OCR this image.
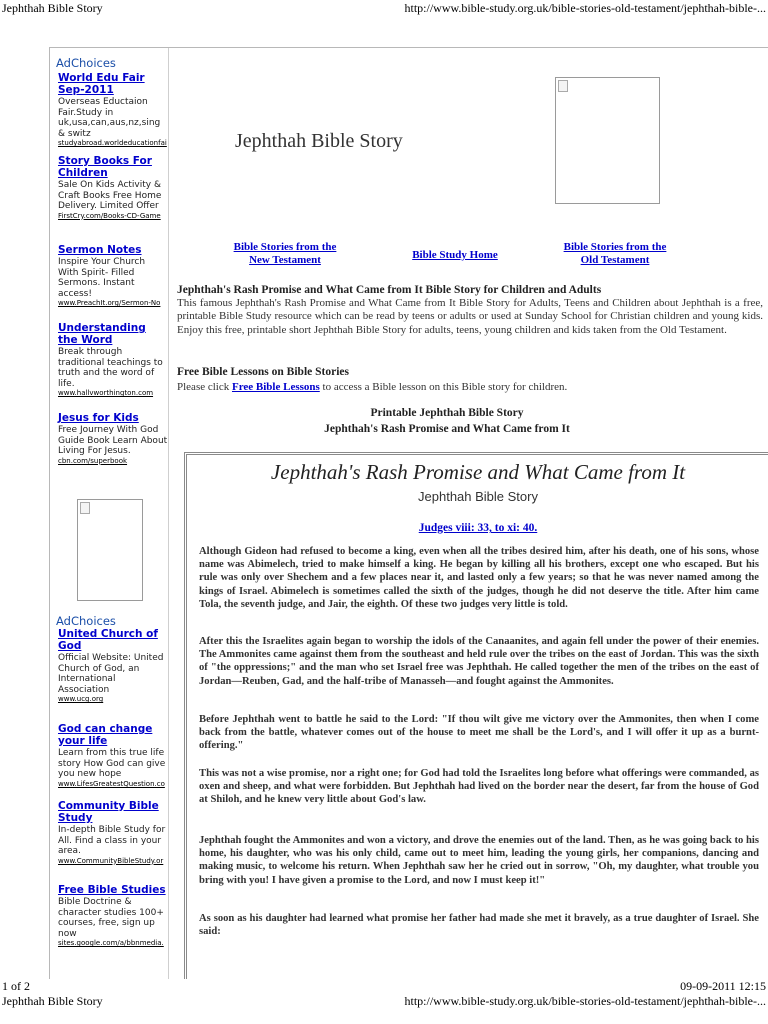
Jephthah Bible Story	http://www.bible-study.org.uk/bible-stories-old-testament/jephthah-bible-...
AdChoices
World Edu Fair Sep-2011
Overseas Eductaion Fair.Study in uk,usa,can,aus,nz,sing & switz
studyabroad.worldeducationfai
Story Books For Children
Sale On Kids Activity & Craft Books Free Home Delivery. Limited Offer
FirstCry.com/Books-CD-Game
Sermon Notes
Inspire Your Church With Spirit- Filled Sermons. Instant access!
www.PreachIt.org/Sermon-No
Understanding the Word
Break through traditional teachings to truth and the word of life.
www.hallvworthington.com
Jesus for Kids
Free Journey With God Guide Book Learn About Living For Jesus.
cbn.com/superbook
AdChoices
United Church of God
Official Website: United Church of God, an International Association
www.ucg.org
God can change your life
Learn from this true life story How God can give you new hope
www.LifesGreatestQuestion.co
Community Bible Study
In-depth Bible Study for All. Find a class in your area.
www.CommunityBibleStudy.or
Free Bible Studies
Bible Doctrine & character studies 100+ courses, free, sign up now
sites.google.com/a/bbnmedia.
Jephthah Bible Story
Bible Stories from the New Testament	Bible Study Home
Bible Stories from the Old Testament
Jephthah's Rash Promise and What Came from It Bible Story for Children and Adults
This famous Jephthah's Rash Promise and What Came from It Bible Story for Adults, Teens and Children about Jephthah is a free, printable Bible Study resource which can be read by teens or adults or used at Sunday School for Christian children and young kids. Enjoy this free, printable short Jephthah Bible Story for adults, teens, young children and kids taken from the Old Testament.
Free Bible Lessons on Bible Stories
Please click Free Bible Lessons to access a Bible lesson on this Bible story for children.
Printable Jephthah Bible Story
Jephthah's Rash Promise and What Came from It
Jephthah's Rash Promise and What Came from It
Jephthah Bible Story
Judges viii: 33, to xi: 40.

Although Gideon had refused to become a king, even when all the tribes desired him, after his death, one of his sons, whose name was Abimelech, tried to make himself a king. He began by killing all his brothers, except one who escaped. But his rule was only over Shechem and a few places near it, and lasted only a few years; so that he was never named among the kings of Israel. Abimelech is sometimes called the sixth of the judges, though he did not deserve the title. After him came Tola, the seventh judge, and Jair, the eighth. Of these two judges very little is told.

After this the Israelites again began to worship the idols of the Canaanites, and again fell under the power of their enemies. The Ammonites came against them from the southeast and held rule over the tribes on the east of Jordan. This was the sixth of "the oppressions;" and the man who set Israel free was Jephthah. He called together the men of the tribes on the east of Jordan—Reuben, Gad, and the half-tribe of Manasseh—and fought against the Ammonites.

Before Jephthah went to battle he said to the Lord: "If thou wilt give me victory over the Ammonites, then when I come back from the battle, whatever comes out of the house to meet me shall be the Lord's, and I will offer it up as a burnt-offering."

This was not a wise promise, nor a right one; for God had told the Israelites long before what offerings were commanded, as oxen and sheep, and what were forbidden. But Jephthah had lived on the border near the desert, far from the house of God at Shiloh, and he knew very little about God's law.

Jephthah fought the Ammonites and won a victory, and drove the enemies out of the land. Then, as he was going back to his home, his daughter, who was his only child, came out to meet him, leading the young girls, her companions, dancing and making music, to welcome his return. When Jephthah saw her he cried out in sorrow, "Oh, my daughter, what trouble you bring with you! I have given a promise to the Lord, and now I must keep it!"

As soon as his daughter had learned what promise her father had made she met it bravely, as a true daughter of Israel. She said:

1 of 2	09-09-2011 12:15
Jephthah Bible Story	http://www.bible-study.org.uk/bible-stories-old-testament/jephthah-bible-...
